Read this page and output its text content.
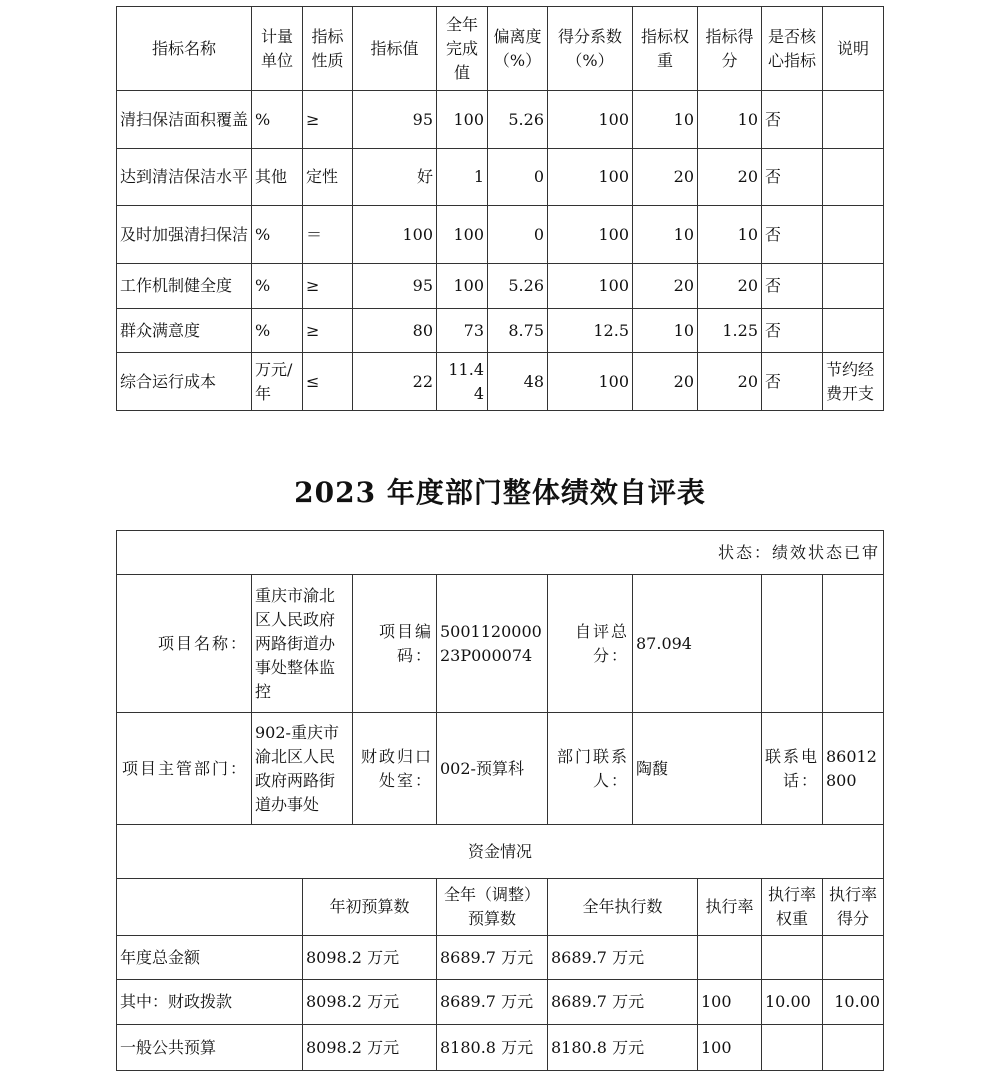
指标名称	计量单位	指标性质	指标值	全年完成值	偏离度（%）	得分系数（%）	指标权重	指标得分	是否核心指标	说明
清扫保洁面积覆盖	%	≥	95	100	5.26	100	10	10	否	
达到清洁保洁水平	其他	定性	好	1	0	100	20	20	否	
及时加强清扫保洁	%	＝	100	100	0	100	10	10	否	
工作机制健全度	%	≥	95	100	5.26	100	20	20	否	
群众满意度	%	≥	80	73	8.75	12.5	10	1.25	否	
综合运行成本	万元/年	≤	22	11.44	48	100	20	20	否	节约经费开支
2023 年度部门整体绩效自评表
状态：绩效状态已审									
项目名称：	重庆市渝北区人民政府两路街道办事处整体监控		项目编码：	500112000023P000074	自评总分：	87.094			
项目主管部门：	902-重庆市渝北区人民政府两路街道办事处		财政归口处室：	002-预算科	部门联系人：	陶馥		联系电话：	86012800
资金情况									
		年初预算数		全年（调整）预算数	全年执行数		执行率	执行率权重	执行率得分
年度总金额		8098.2 万元		8689.7 万元	8689.7 万元				
其中：财政拨款		8098.2 万元		8689.7 万元	8689.7 万元		100	10.00	10.00
一般公共预算		8098.2 万元		8180.8 万元	8180.8 万元		100		
